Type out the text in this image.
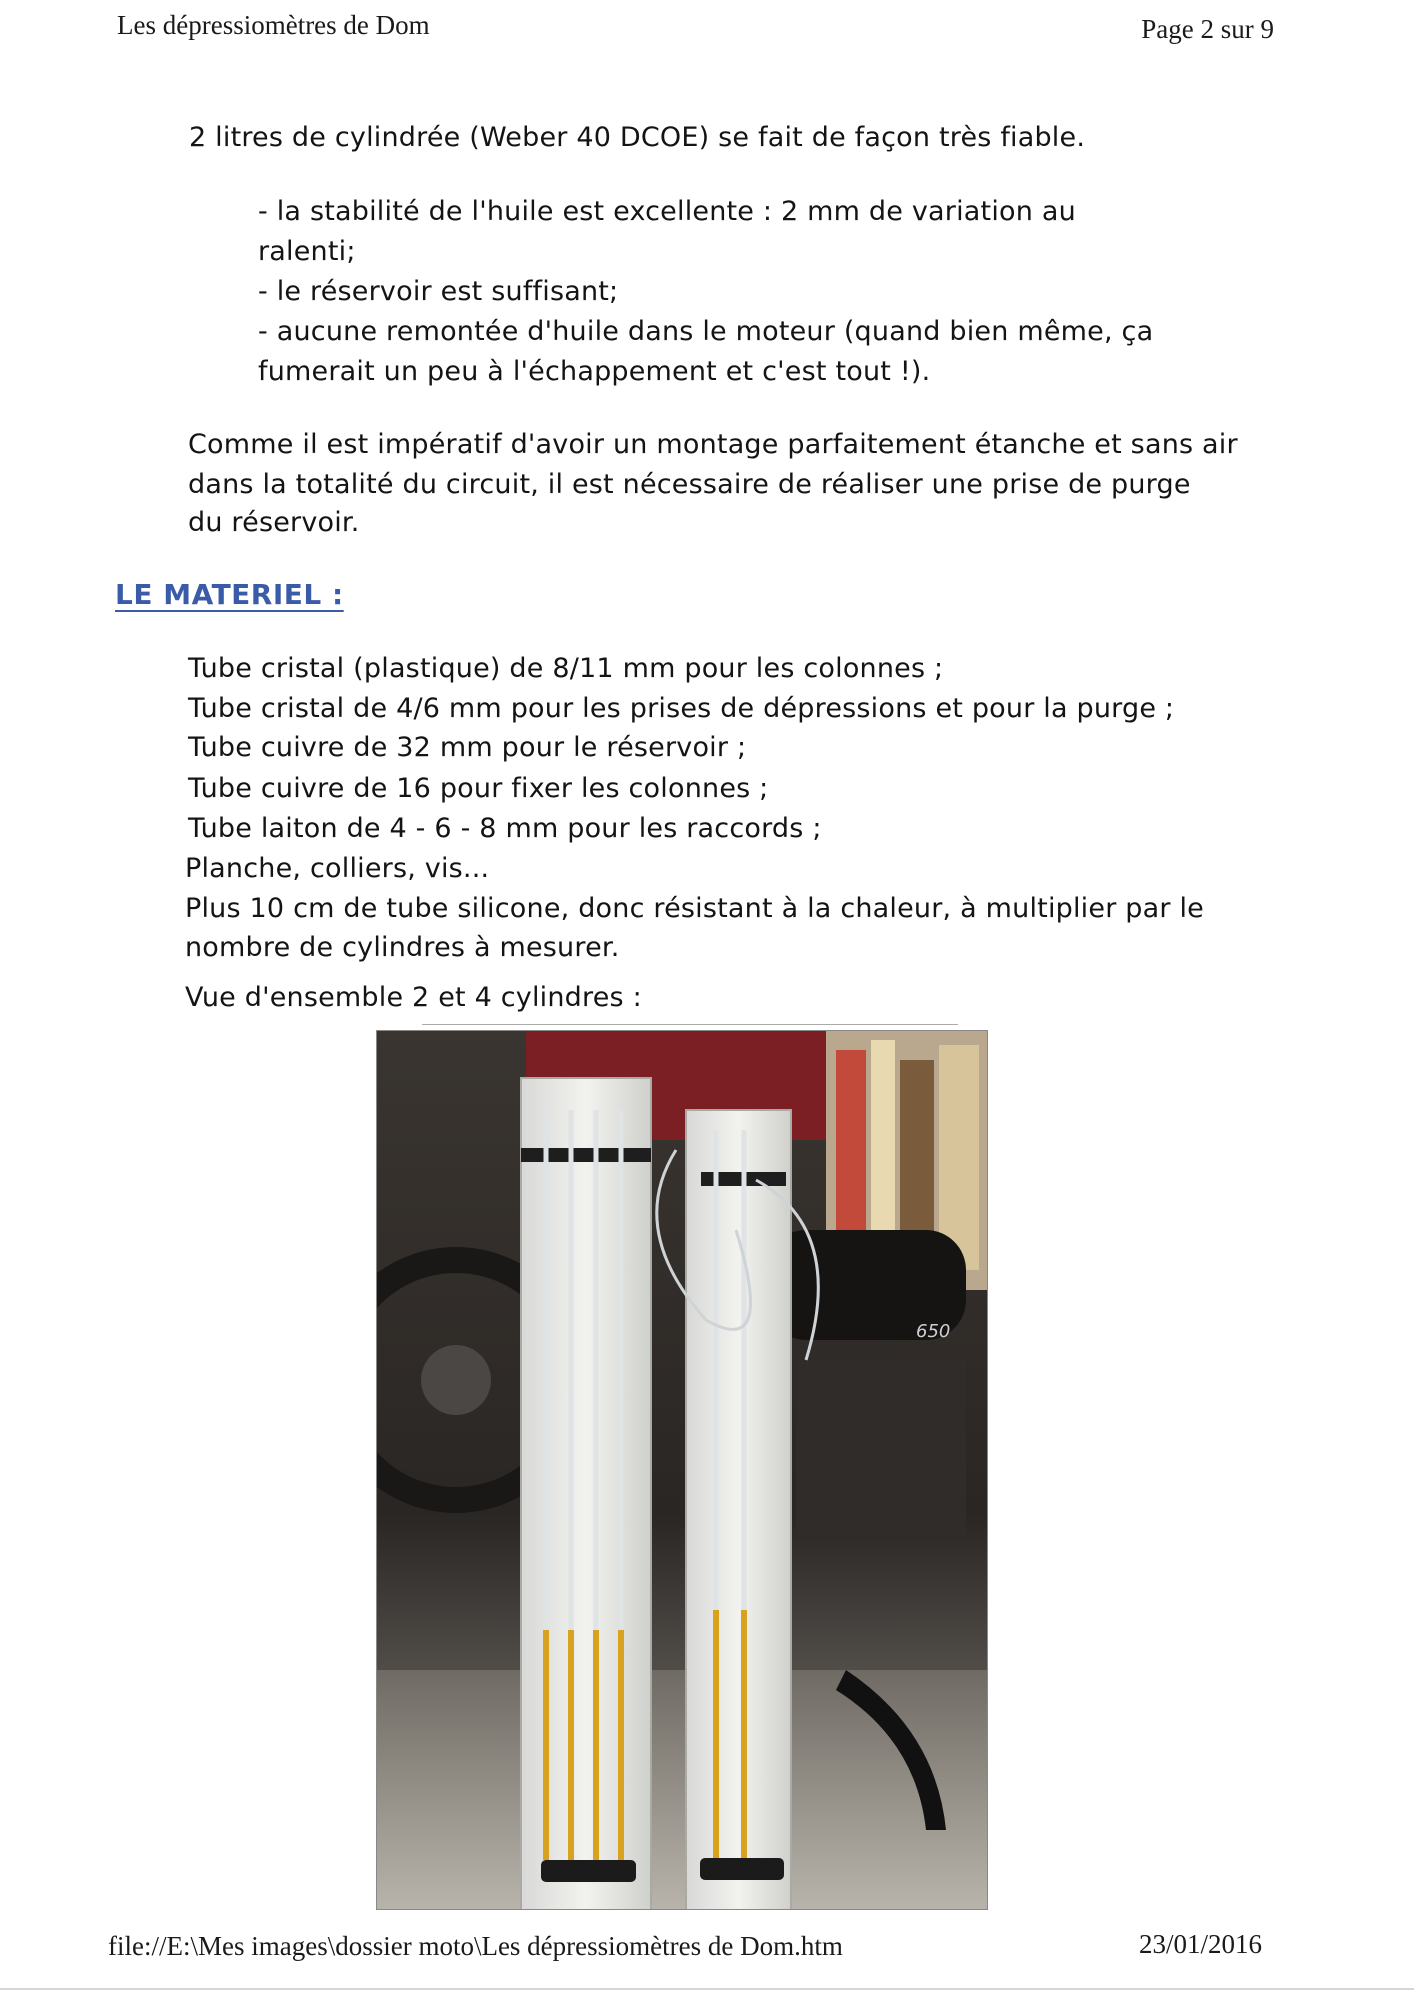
Les dépressiomètres de Dom	Page 2 sur 9
2 litres de cylindrée (Weber 40 DCOE) se fait de façon très fiable.
- la stabilité de l'huile est excellente : 2 mm de variation au
ralenti;
- le réservoir est suffisant;
- aucune remontée d'huile dans le moteur (quand bien même, ça
fumerait un peu à l'échappement et c'est tout !).
Comme il est impératif d'avoir un montage parfaitement étanche et sans air
dans la totalité du circuit, il est nécessaire de réaliser une prise de purge
du réservoir.
LE MATERIEL :
Tube cristal (plastique) de 8/11 mm pour les colonnes ;
Tube cristal de 4/6 mm pour les prises de dépressions et pour la purge ;
Tube cuivre de 32 mm pour le réservoir ;
Tube cuivre de 16 pour fixer les colonnes ;
Tube laiton de 4 - 6 - 8 mm pour les raccords ;
Planche, colliers, vis...
Plus 10 cm de tube silicone, donc résistant à la chaleur, à multiplier par le
nombre de cylindres à mesurer.
Vue d'ensemble 2 et 4 cylindres :
650
file://E:\Mes images\dossier moto\Les dépressiomètres de Dom.htm	23/01/2016
